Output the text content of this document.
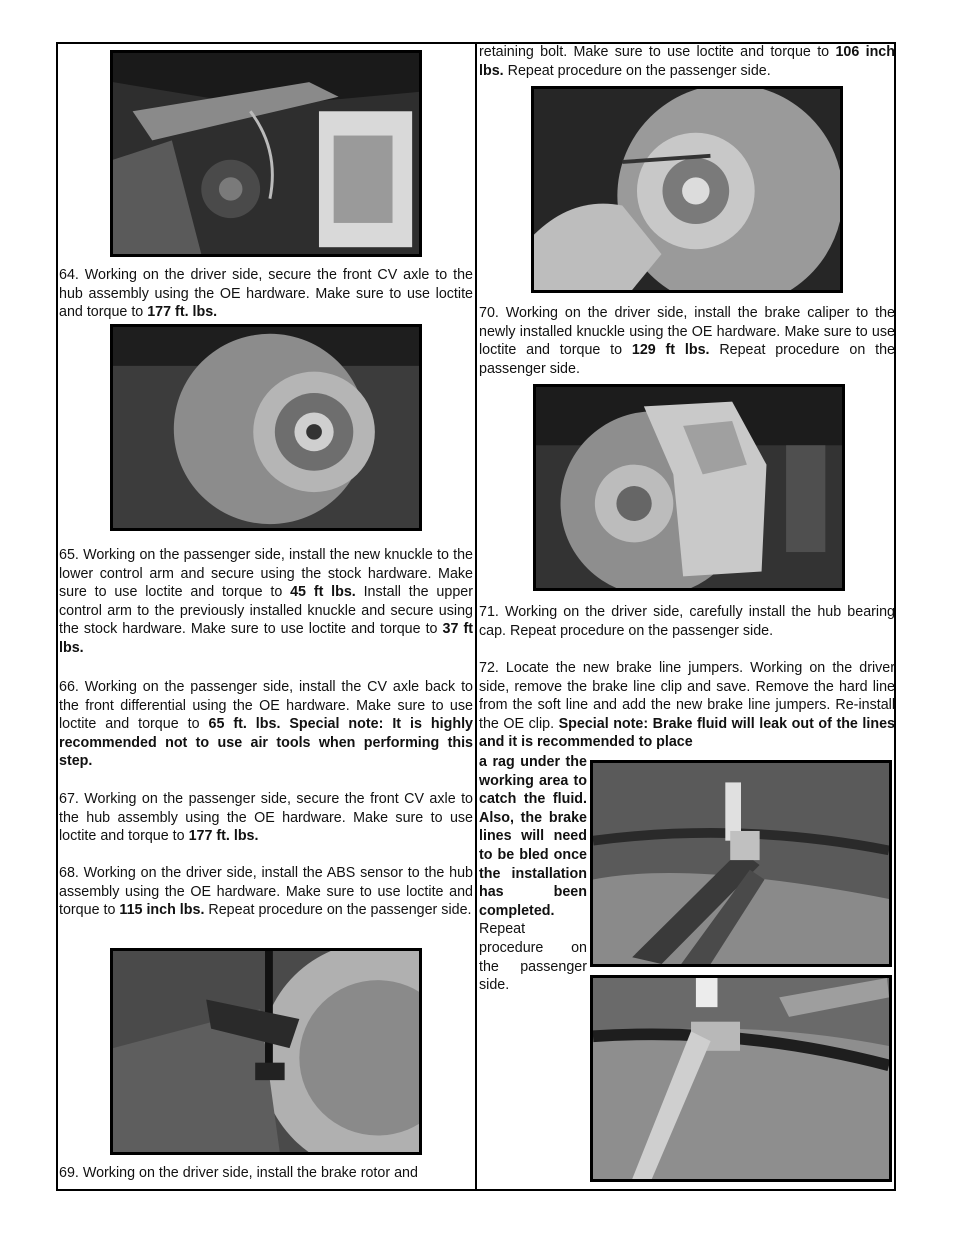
64. Working on the driver side, secure the front CV axle to the hub assembly using the OE hardware. Make sure to use loctite and torque to 177 ft. lbs.

65. Working on the passenger side, install the new knuckle to the lower control arm and secure using the stock hardware. Make sure to use loctite and torque to 45 ft lbs. Install the upper control arm to the previously installed knuckle and secure using the stock hardware. Make sure to use loctite and torque to 37 ft lbs.

66. Working on the passenger side, install the CV axle back to the front differential using the OE hardware. Make sure to use loctite and torque to 65 ft. lbs. Special note: It is highly recommended not to use air tools when performing this step.

67. Working on the passenger side, secure the front CV axle to the hub assembly using the OE hardware. Make sure to use loctite and torque to 177 ft. lbs.

68. Working on the driver side, install the ABS sensor to the hub assembly using the OE hardware. Make sure to use loctite and torque to 115 inch lbs. Repeat procedure on the passenger side.

69. Working on the driver side, install the brake rotor and

retaining bolt. Make sure to use loctite and torque to 106 inch lbs. Repeat procedure on the passenger side.

70. Working on the driver side, install the brake caliper to the newly installed knuckle using the OE hardware. Make sure to use loctite and torque to 129 ft lbs. Repeat procedure on the passenger side.

71. Working on the driver side, carefully install the hub bearing cap. Repeat procedure on the passenger side.

72. Locate the new brake line jumpers. Working on the driver side, remove the brake line clip and save. Remove the hard line from the soft line and add the new brake line jumpers. Re-install the OE clip. Special note: Brake fluid will leak out of the lines and it is recommended to place

a rag under the working area to catch the fluid. Also, the brake lines will need to be bled once the installation has been completed. Repeat procedure on the passenger side.
